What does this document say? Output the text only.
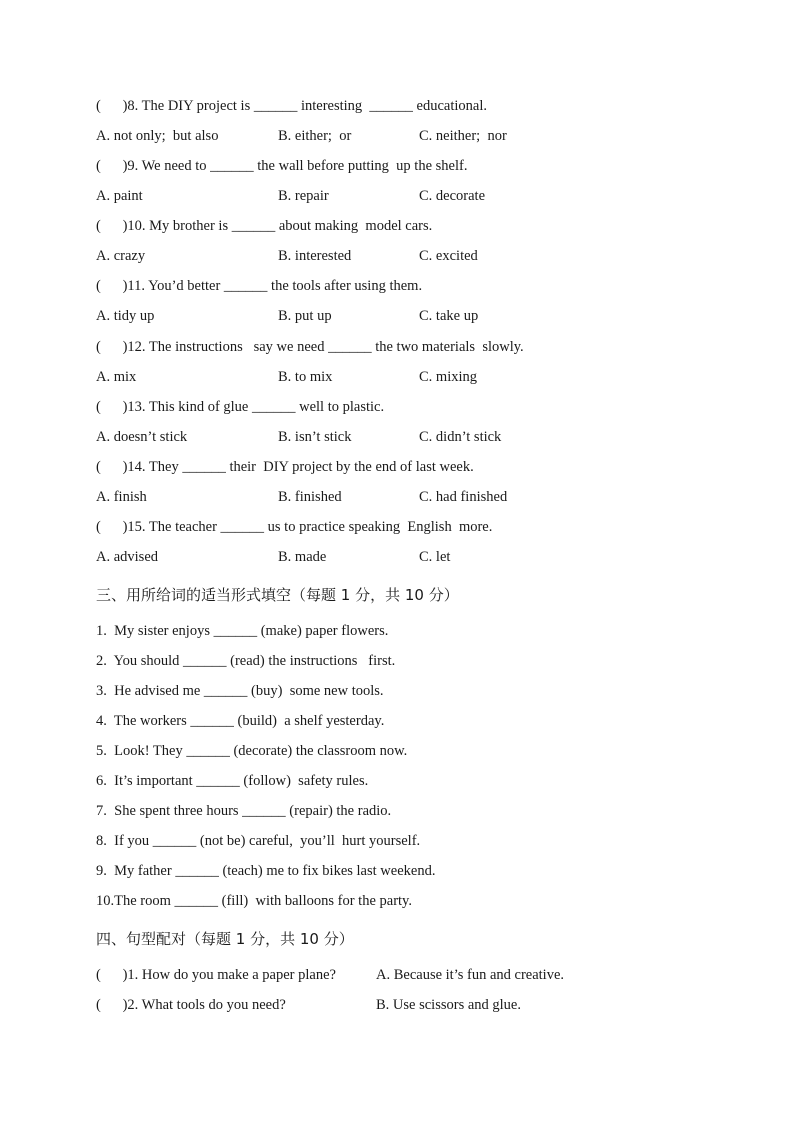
(      )8. The DIY project is ______ interesting  ______ educational.
A. not only;  but also	B. either;  or	C. neither;  nor
(      )9. We need to ______ the wall before putting  up the shelf.
A. paint	B. repair	C. decorate
(      )10. My brother is ______ about making  model cars.
A. crazy	B. interested	C. excited
(      )11. You’d better ______ the tools after using them.
A. tidy up	B. put up	C. take up
(      )12. The instructions   say we need ______ the two materials  slowly.
A. mix	B. to mix	C. mixing
(      )13. This kind of glue ______ well to plastic.
A. doesn’t stick	B. isn’t stick	C. didn’t stick
(      )14. They ______ their  DIY project by the end of last week.
A. finish	B. finished	C. had finished
(      )15. The teacher ______ us to practice speaking  English  more.
A. advised	B. made	C. let
三、用所给词的适当形式填空（每题 1 分，共 10 分）
1.  My sister enjoys ______ (make) paper flowers.
2.  You should ______ (read) the instructions   first.
3.  He advised me ______ (buy)  some new tools.
4.  The workers ______ (build)  a shelf yesterday.
5.  Look! They ______ (decorate) the classroom now.
6.  It’s important ______ (follow)  safety rules.
7.  She spent three hours ______ (repair) the radio.
8.  If you ______ (not be) careful,  you’ll  hurt yourself.
9.  My father ______ (teach) me to fix bikes last weekend.
10.The room ______ (fill)  with balloons for the party.
四、句型配对（每题 1 分，共 10 分）
(      )1. How do you make a paper plane?	A. Because it’s fun and creative.
(      )2. What tools do you need?	B. Use scissors and glue.
